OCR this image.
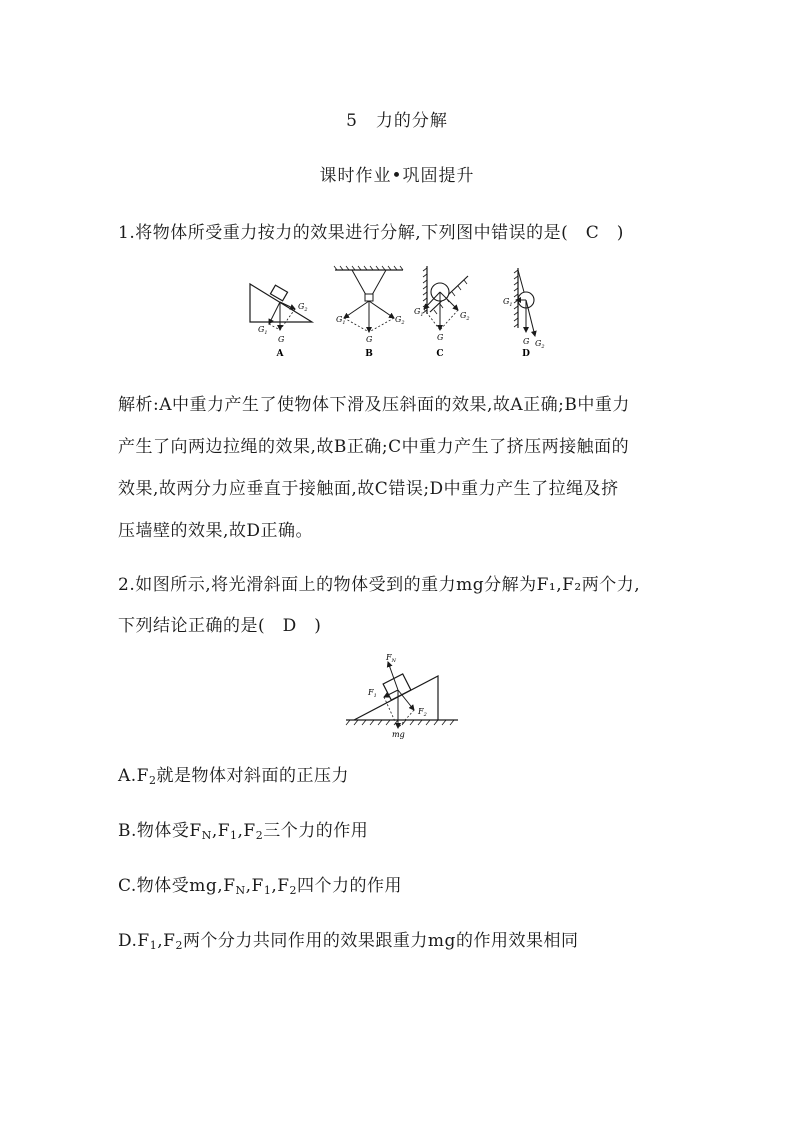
5　力的分解
课时作业•巩固提升
1.将物体所受重力按力的效果进行分解,下列图中错误的是(　C　)
$G_2$
$G_1$
G
A
$G_1$	$G_2$
G
B
$G_1$	$G_2$
G
C
$G_1$
G $G_2$
D
解析:A中重力产生了使物体下滑及压斜面的效果,故A正确;B中重力
产生了向两边拉绳的效果,故B正确;C中重力产生了挤压两接触面的
效果,故两分力应垂直于接触面,故C错误;D中重力产生了拉绳及挤
压墙壁的效果,故D正确。
2.如图所示,将光滑斜面上的物体受到的重力mg分解为F₁,F₂两个力,
下列结论正确的是(　D　)
$F_N$
$F_1$
$F_2$
mg
$A.F_2$就是物体对斜面的正压力
B.物体受$F_N,F_1,F_2$三个力的作用
C.物体受$mg,F_N,F_1,F_2$四个力的作用
$D.F_1,F_2$两个分力共同作用的效果跟重力mg的作用效果相同
